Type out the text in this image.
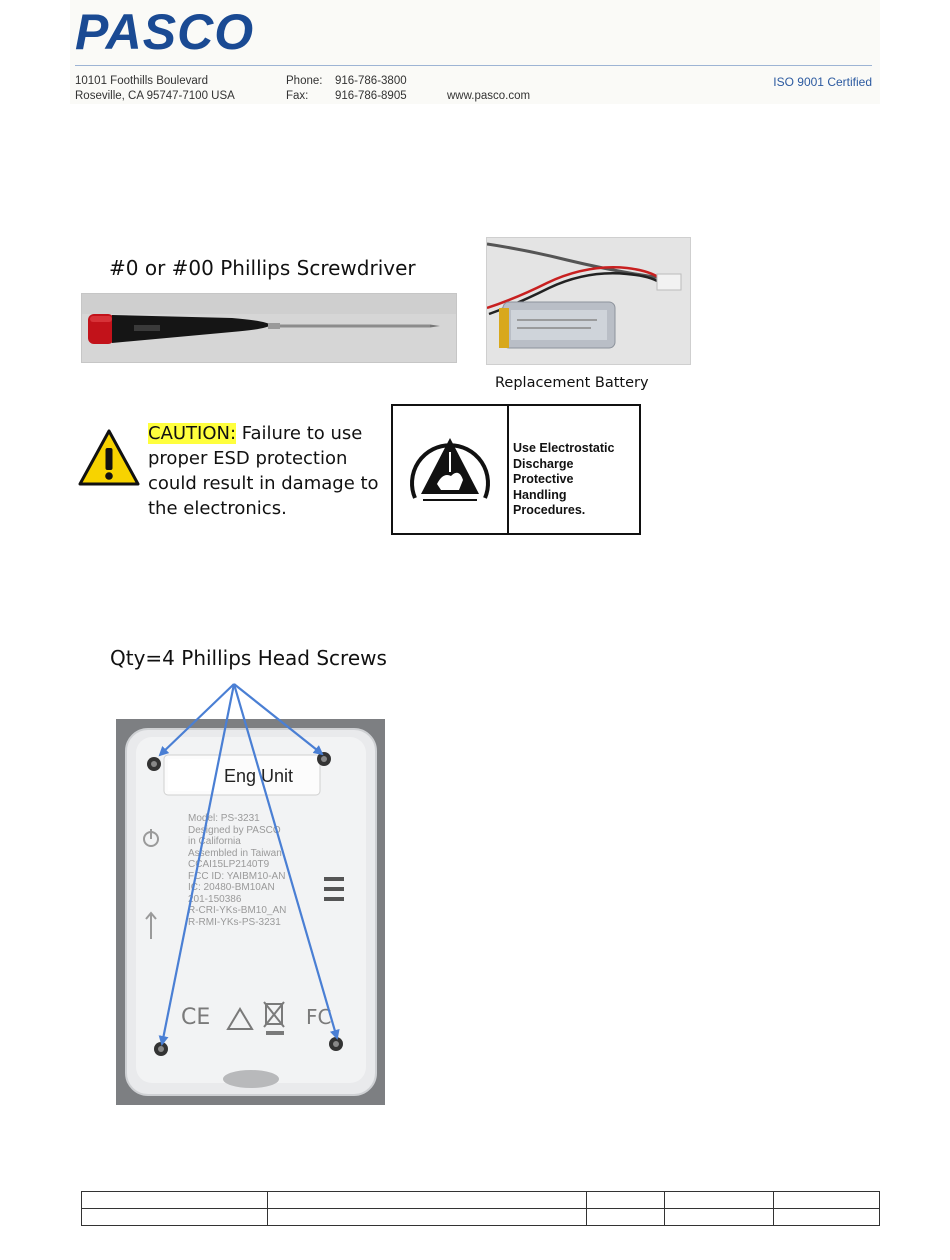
PASCO
10101 Foothills Boulevard
Roseville, CA 95747-7100 USA
Phone:
Fax:
916-786-3800
916-786-8905	www.pasco.com
ISO 9001 Certified
#0 or #00 Phillips Screwdriver
Replacement Battery
CAUTION: Failure to use proper ESD protection could result in damage to the electronics.
Use Electrostatic
Discharge
Protective
Handling
Procedures.
Qty=4 Phillips Head Screws
CE	FC
Eng Unit
Model: PS-3231
Designed by PASCO
in California
Assembled in Taiwan
CCAI15LP2140T9
FCC ID: YAIBM10-AN
IC: 20480-BM10AN
201-150386
R-CRI-YKs-BM10_AN
R-RMI-YKs-PS-3231
